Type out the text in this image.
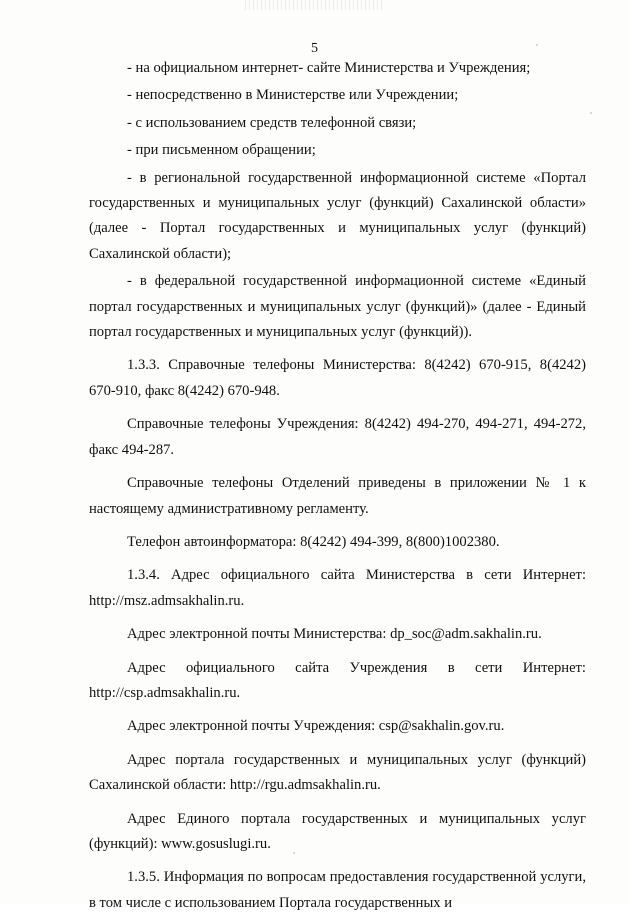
5

- на официальном интернет- сайте Министерства и Учреждения;

- непосредственно в Министерстве или Учреждении;

- с использованием средств телефонной связи;

- при письменном обращении;

- в региональной государственной информационной системе «Портал государственных и муниципальных услуг (функций) Сахалинской области» (далее - Портал государственных и муниципальных услуг (функций) Сахалинской области);

- в федеральной государственной информационной системе «Единый портал государственных и муниципальных услуг (функций)» (далее - Единый портал государственных и муниципальных услуг (функций)).

1.3.3. Справочные телефоны Министерства: 8(4242) 670-915, 8(4242) 670-910, факс 8(4242) 670-948.

Справочные телефоны Учреждения: 8(4242) 494-270, 494-271, 494-272, факс 494-287.

Справочные телефоны Отделений приведены в приложении № 1 к настоящему административному регламенту.

Телефон автоинформатора: 8(4242) 494-399, 8(800)1002380.

1.3.4. Адрес официального сайта Министерства в сети Интернет: http://msz.admsakhalin.ru.

Адрес электронной почты Министерства: dp_soc@adm.sakhalin.ru.

Адрес официального сайта Учреждения в сети Интернет: http://csp.admsakhalin.ru.

Адрес электронной почты Учреждения: csp@sakhalin.gov.ru.

Адрес портала государственных и муниципальных услуг (функций) Сахалинской области: http://rgu.admsakhalin.ru.

Адрес Единого портала государственных и муниципальных услуг (функций): www.gosuslugi.ru.

1.3.5. Информация по вопросам предоставления государственной услуги, в том числе с использованием Портала государственных и
